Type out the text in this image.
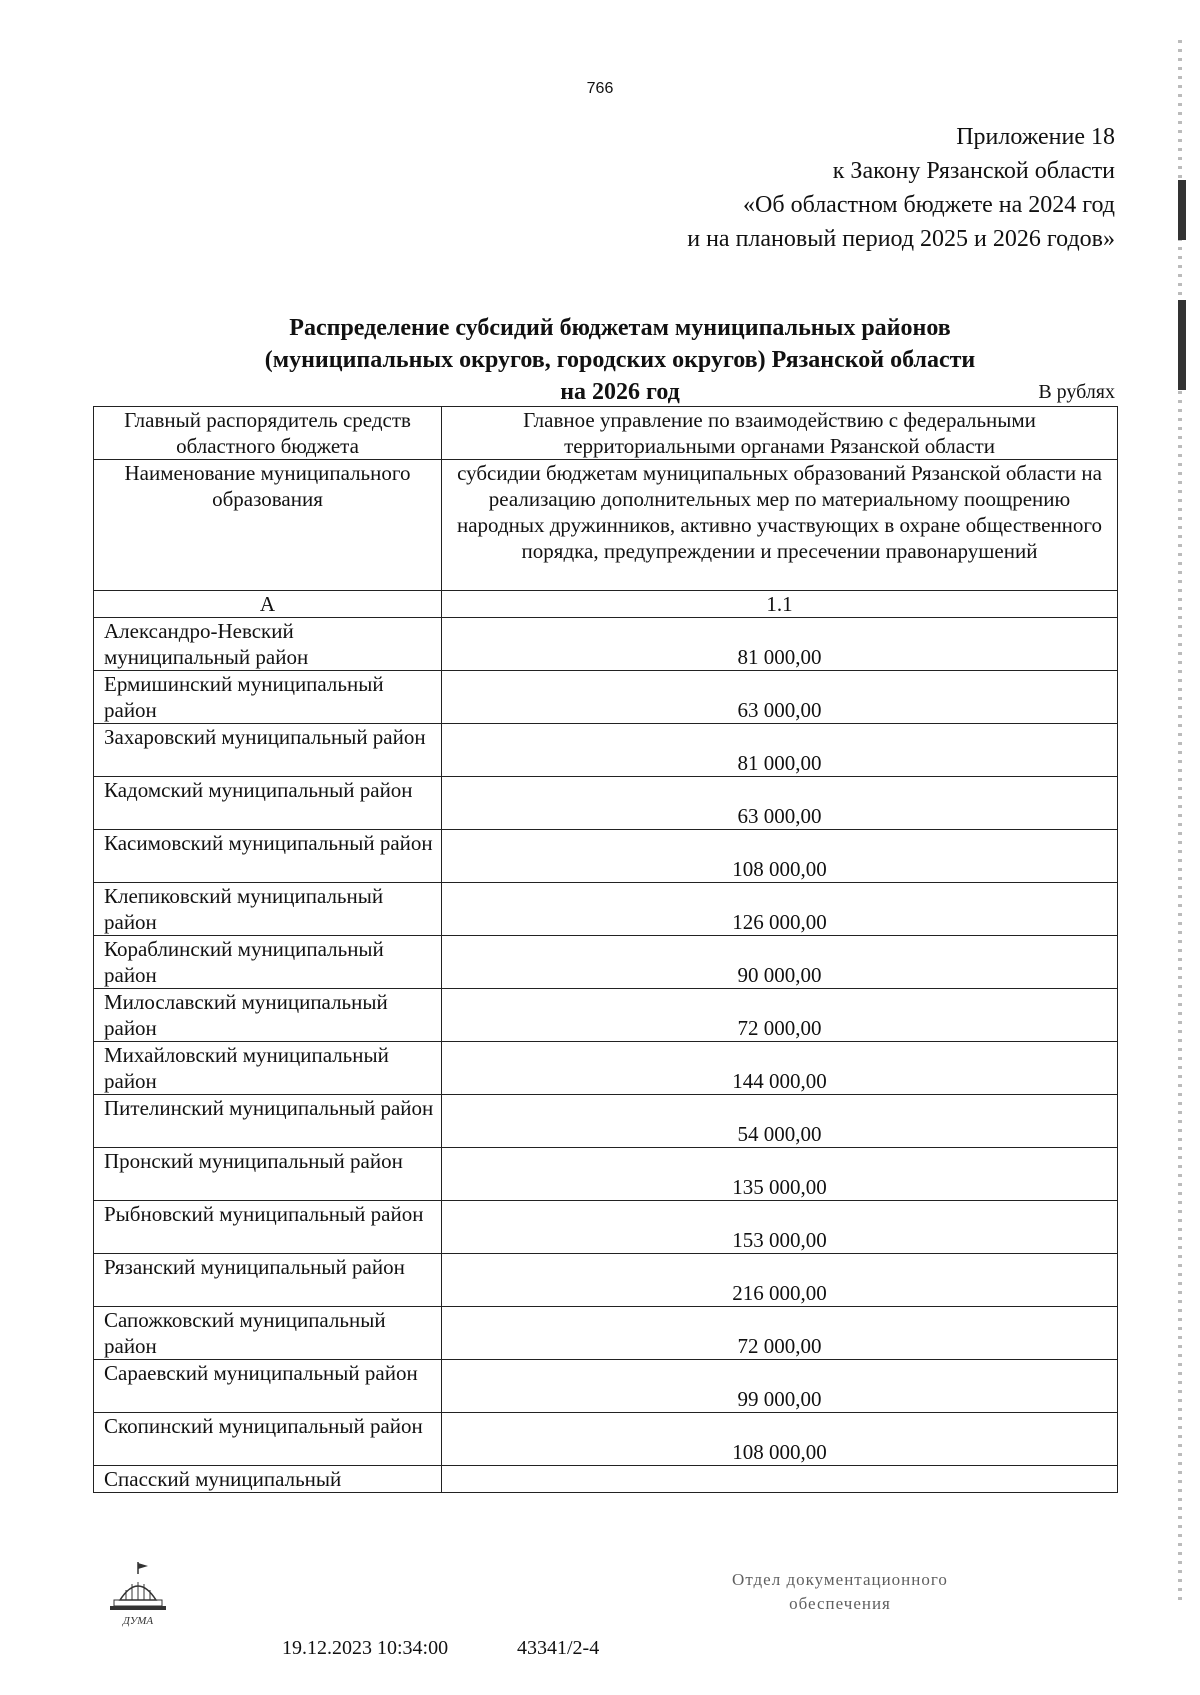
766
Приложение 18
к Закону Рязанской области
«Об областном бюджете на 2024 год
и на плановый период 2025 и 2026 годов»
Распределение субсидий бюджетам муниципальных районов
(муниципальных округов, городских округов) Рязанской области
на 2026 год	В рублях
Главный распорядитель средств областного бюджета	Главное управление по взаимодействию с федеральными территориальными органами Рязанской области
Наименование муниципального образования	субсидии бюджетам муниципальных образований Рязанской области на реализацию дополнительных мер по материальному поощрению народных дружинников, активно участвующих в охране общественного порядка, предупреждении и пресечении правонарушений
А	1.1
Александро-Невский муниципальный район	81 000,00
Ермишинский муниципальный район	63 000,00
Захаровский муниципальный район	81 000,00
Кадомский муниципальный район	63 000,00
Касимовский муниципальный район	108 000,00
Клепиковский муниципальный район	126 000,00
Кораблинский муниципальный район	90 000,00
Милославский муниципальный район	72 000,00
Михайловский муниципальный район	144 000,00
Пителинский муниципальный район	54 000,00
Пронский муниципальный район	135 000,00
Рыбновский муниципальный район	153 000,00
Рязанский муниципальный район	216 000,00
Сапожковский муниципальный район	72 000,00
Сараевский муниципальный район	99 000,00
Скопинский муниципальный район	108 000,00
Спасский муниципальный	
ДУМА
19.12.2023 10:34:00	43341/2-4
Отдел документационного
обеспечения
